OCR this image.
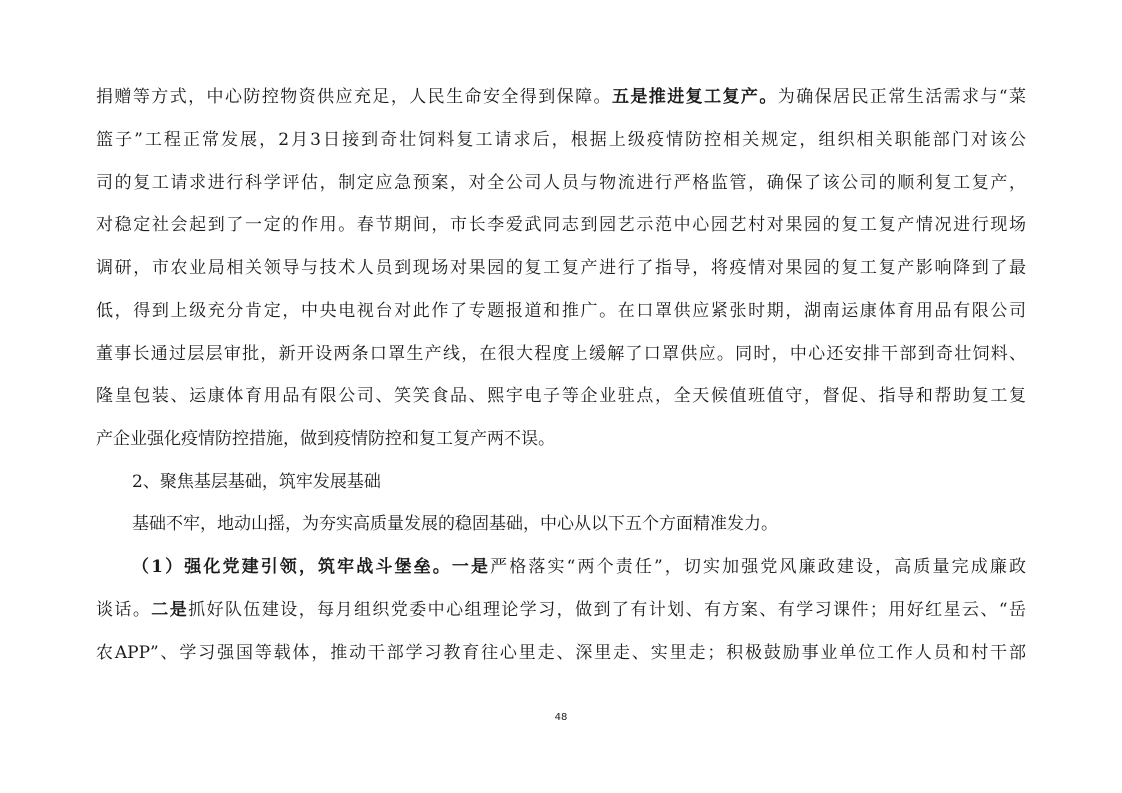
捐赠等方式，中心防控物资供应充足，人民生命安全得到保障。五是推进复工复产。为确保居民正常生活需求与“菜
篮子”工程正常发展，2月3日接到奇壮饲料复工请求后，根据上级疫情防控相关规定，组织相关职能部门对该公
司的复工请求进行科学评估，制定应急预案，对全公司人员与物流进行严格监管，确保了该公司的顺利复工复产，
对稳定社会起到了一定的作用。春节期间，市长李爱武同志到园艺示范中心园艺村对果园的复工复产情况进行现场
调研，市农业局相关领导与技术人员到现场对果园的复工复产进行了指导，将疫情对果园的复工复产影响降到了最
低，得到上级充分肯定，中央电视台对此作了专题报道和推广。在口罩供应紧张时期，湖南运康体育用品有限公司
董事长通过层层审批，新开设两条口罩生产线，在很大程度上缓解了口罩供应。同时，中心还安排干部到奇壮饲料、
隆皇包装、运康体育用品有限公司、笑笑食品、熙宇电子等企业驻点，全天候值班值守，督促、指导和帮助复工复
产企业强化疫情防控措施，做到疫情防控和复工复产两不误。
2、聚焦基层基础，筑牢发展基础
基础不牢，地动山摇，为夯实高质量发展的稳固基础，中心从以下五个方面精准发力。
（1）强化党建引领，筑牢战斗堡垒。一是严格落实“两个责任”，切实加强党风廉政建设，高质量完成廉政
谈话。二是抓好队伍建设，每月组织党委中心组理论学习，做到了有计划、有方案、有学习课件；用好红星云、“岳
农APP”、学习强国等载体，推动干部学习教育往心里走、深里走、实里走；积极鼓励事业单位工作人员和村干部
48
